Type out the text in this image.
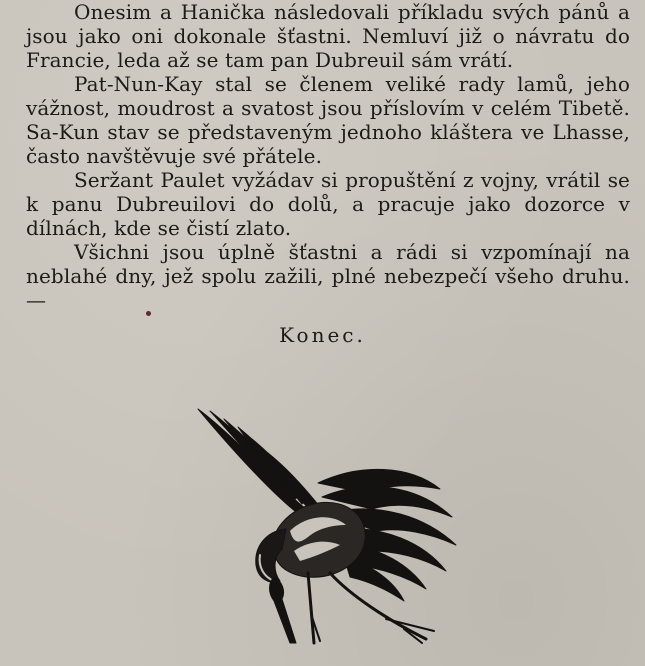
Onesim a Hanička následovali příkladu svých pánů a jsou jako oni dokonale šťastni. Nemluví již o návratu do Francie, leda až se tam pan Dubreuil sám vrátí.

Pat-Nun-Kay stal se členem veliké rady lamů, jeho vážnost, moudrost a svatost jsou příslovím v celém Tibetě. Sa-Kun stav se představeným jednoho kláštera ve Lhasse, často navštěvuje své přátele.

Seržant Paulet vyžádav si propuštění z vojny, vrátil se k panu Dubreuilovi do dolů, a pracuje jako dozorce v dílnách, kde se čistí zlato.

Všichni jsou úplně šťastni a rádi si vzpomínají na neblahé dny, jež spolu zažili, plné nebezpečí všeho druhu. —

Konec.
